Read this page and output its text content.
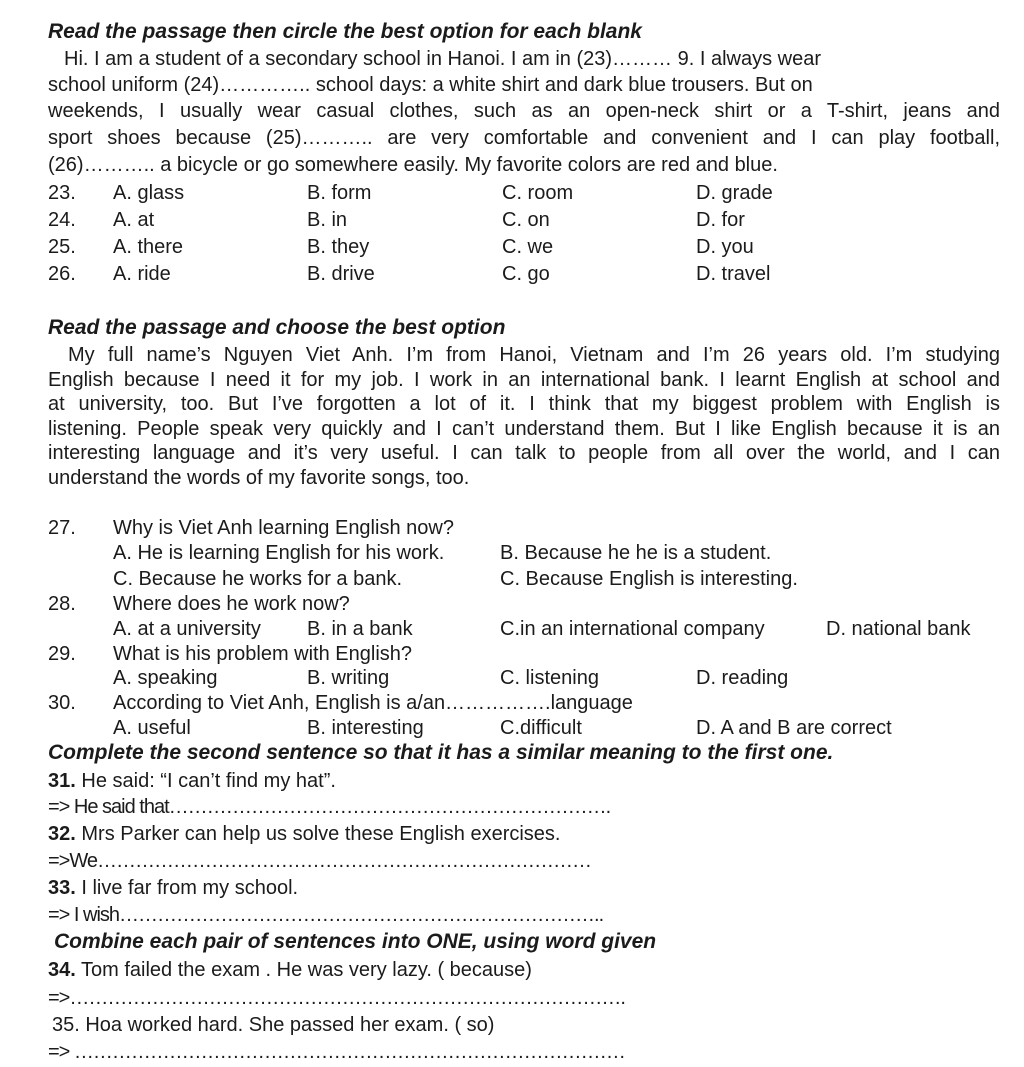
Read the passage then circle the best option for each blank
Hi. I am a student of a secondary school in Hanoi. I am in (23)……… 9. I always wear
school uniform (24)………….. school days: a white shirt and dark blue trousers. But on
weekends, I usually wear casual clothes, such as an open-neck shirt or a T-shirt, jeans and
sport shoes because (25)……….. are very comfortable and convenient and I can play football,
(26)……….. a bicycle or go somewhere easily. My favorite colors are red and blue.
23. A. glass	B. form	C. room	D. grade
24. A. at	B. in	C. on	D. for
25. A. there	B. they	C. we	D. you
26. A. ride	B. drive	C. go	D. travel
Read the passage and choose the best option
My full name’s Nguyen Viet Anh. I’m from Hanoi, Vietnam and I’m 26 years old. I’m studying
English because I need it for my job. I work in an international bank. I learnt English at school and
at university, too. But I’ve forgotten a lot of it. I think that my biggest problem with English is
listening. People speak very quickly and I can’t understand them. But I like English because it is an
interesting language and it’s very useful. I can talk to people from all over the world, and I can
understand the words of my favorite songs, too.
27. Why is Viet Anh learning English now?
A. He is learning English for his work.	B. Because he he is a student.
C. Because he works for a bank.	C. Because English is interesting.
28. Where does he work now?
A. at a university B. in a bank	C.in an international company	D. national bank
29. What is his problem with English?
A. speaking	B. writing	C. listening	D. reading
30. According to Viet Anh, English is a/an…………….language
A. useful	B. interesting	C.difficult	D. A and B are correct
Complete the second sentence so that it has a similar meaning to the first one.
31. He said: “I can’t find my hat”.
=> He said that…………………………………………………………….
32. Mrs Parker can help us solve these English exercises.
=>We……………………………………………………………………
33. I live far from my school.
=> I wish…………………………………………………………………..
Combine each pair of sentences into ONE, using word given
34. Tom failed the exam . He was very lazy. ( because)
=>…………………………………………………………………………….
35. Hoa worked hard. She passed her exam. ( so)
=> ……………………………………………………………………………
